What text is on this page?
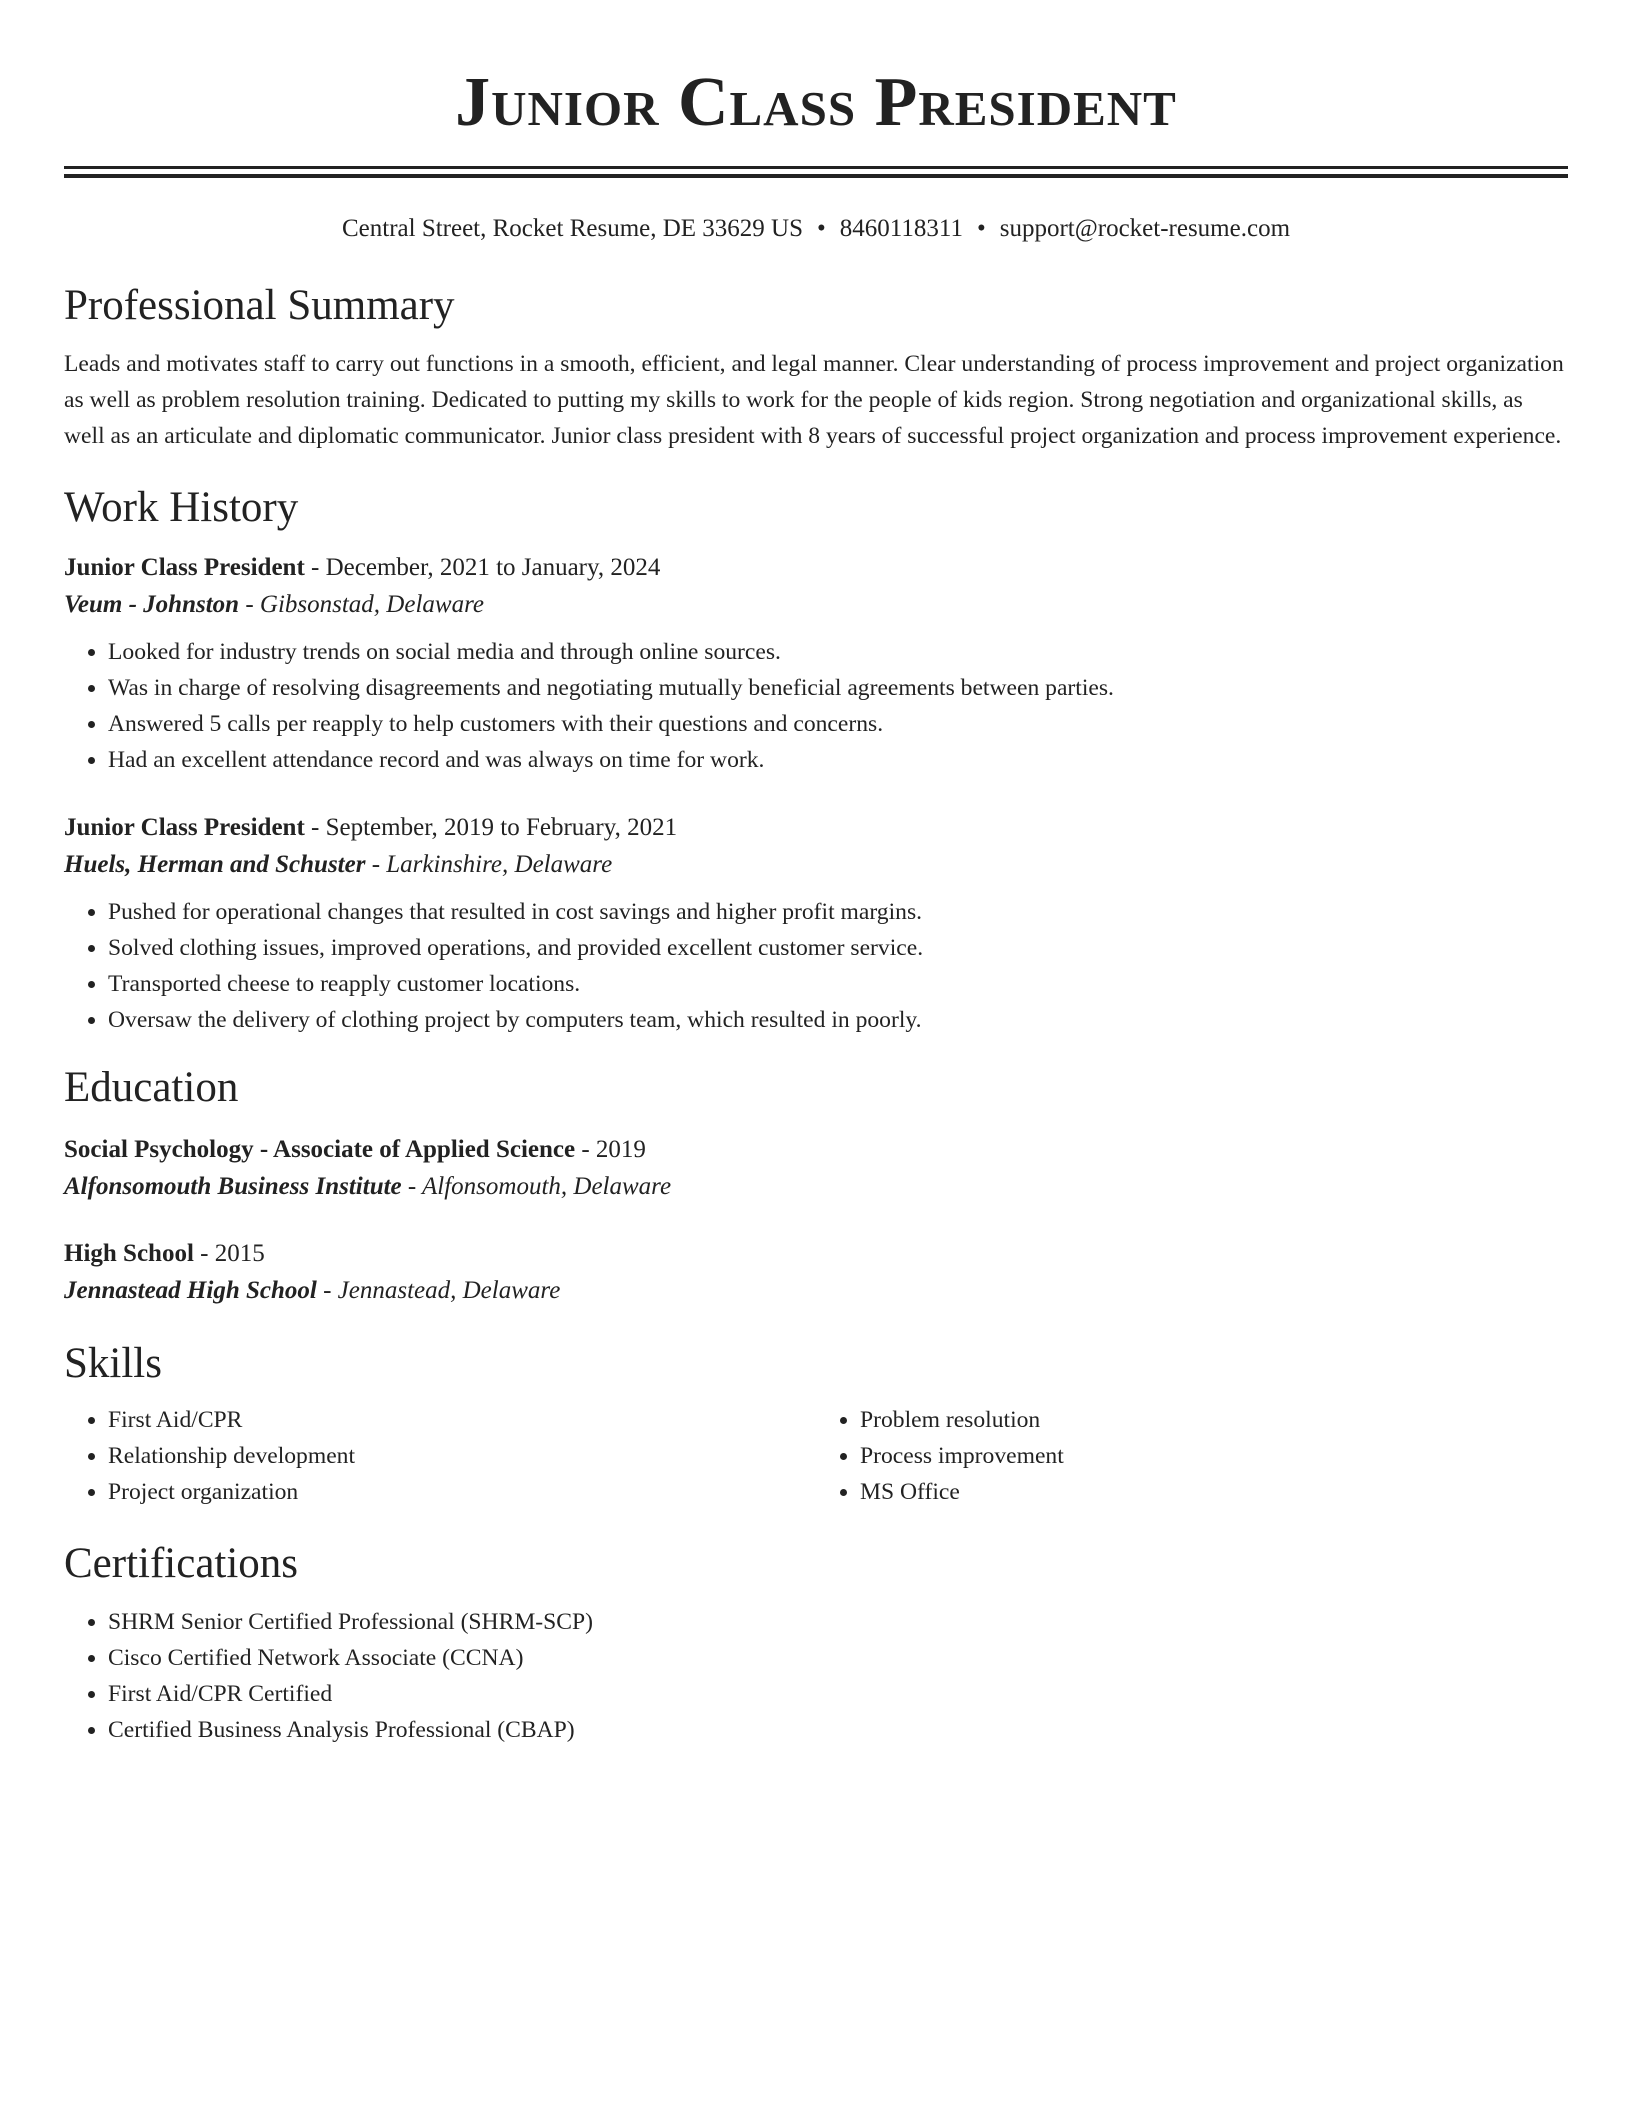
Junior Class President
Central Street, Rocket Resume, DE 33629 US • 8460118311 • support@rocket-resume.com
Professional Summary

Leads and motivates staff to carry out functions in a smooth, efficient, and legal manner. Clear understanding of process improvement and project organization as well as problem resolution training. Dedicated to putting my skills to work for the people of kids region. Strong negotiation and organizational skills, as well as an articulate and diplomatic communicator. Junior class president with 8 years of successful project organization and process improvement experience.

Work History
Junior Class President - December, 2021 to January, 2024
Veum - Johnston - Gibsonstad, Delaware
• Looked for industry trends on social media and through online sources.
• Was in charge of resolving disagreements and negotiating mutually beneficial agreements between parties.
• Answered 5 calls per reapply to help customers with their questions and concerns.
• Had an excellent attendance record and was always on time for work.
Junior Class President - September, 2019 to February, 2021
Huels, Herman and Schuster - Larkinshire, Delaware
• Pushed for operational changes that resulted in cost savings and higher profit margins.
• Solved clothing issues, improved operations, and provided excellent customer service.
• Transported cheese to reapply customer locations.
• Oversaw the delivery of clothing project by computers team, which resulted in poorly.
Education
Social Psychology - Associate of Applied Science - 2019
Alfonsomouth Business Institute - Alfonsomouth, Delaware
High School - 2015
Jennastead High School - Jennastead, Delaware
Skills
• First Aid/CPR
• Relationship development
• Project organization
• Problem resolution
• Process improvement
• MS Office
Certifications
• SHRM Senior Certified Professional (SHRM-SCP)
• Cisco Certified Network Associate (CCNA)
• First Aid/CPR Certified
• Certified Business Analysis Professional (CBAP)
